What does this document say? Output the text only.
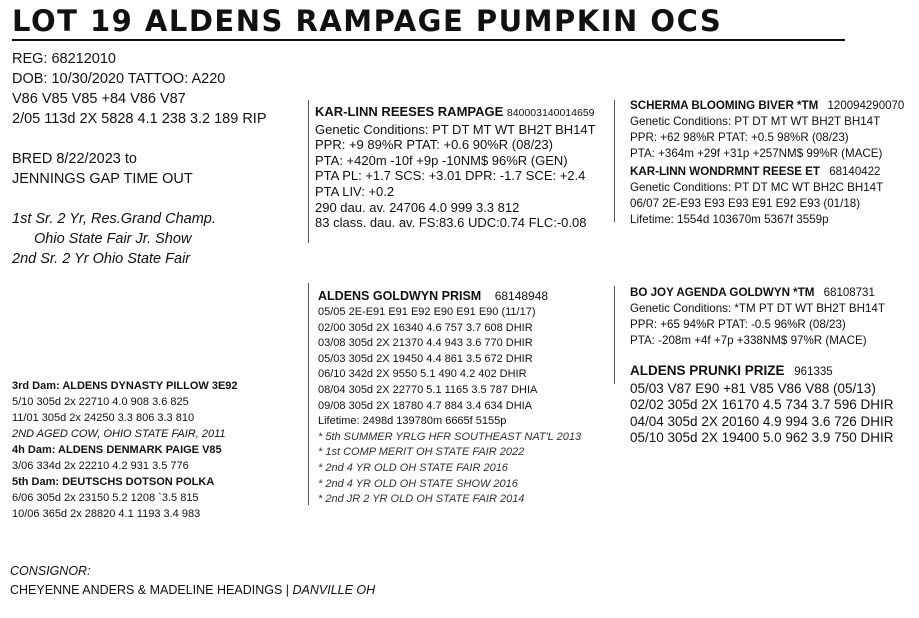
LOT 19 ALDENS RAMPAGE PUMPKIN OCS
REG: 68212010
DOB: 10/30/2020 TATTOO: A220
V86 V85 V85 +84 V86 V87
2/05 113d 2X 5828 4.1 238 3.2 189 RIP
BRED 8/22/2023 to
JENNINGS GAP TIME OUT
1st Sr. 2 Yr, Res.Grand Champ.
Ohio State Fair Jr. Show
2nd Sr. 2 Yr Ohio State Fair
KAR-LINN REESES RAMPAGE 840003140014659
Genetic Conditions: PT DT MT WT BH2T BH14T
PPR: +9 89%R PTAT: +0.6 90%R (08/23)
PTA: +420m -10f +9p -10NM$ 96%R (GEN)
PTA PL: +1.7 SCS: +3.01 DPR: -1.7 SCE: +2.4
PTA LIV: +0.2
290 dau. av. 24706 4.0 999 3.3 812
83 class. dau. av. FS:83.6 UDC:0.74 FLC:-0.08
SCHERMA BLOOMING BIVER *TM 120094290070
Genetic Conditions: PT DT MT WT BH2T BH14T
PPR: +62 98%R PTAT: +0.5 98%R (08/23)
PTA: +364m +29f +31p +257NM$ 99%R (MACE)
KAR-LINN WONDRMNT REESE ET 68140422
Genetic Conditions: PT DT MC WT BH2C BH14T
06/07 2E-E93 E93 E93 E91 E92 E93 (01/18)
Lifetime: 1554d 103670m 5367f 3559p
ALDENS GOLDWYN PRISM 68148948
05/05 2E-E91 E91 E92 E90 E91 E90 (11/17)
02/00 305d 2X 16340 4.6 757 3.7 608 DHIR
03/08 305d 2X 21370 4.4 943 3.6 770 DHIR
05/03 305d 2X 19450 4.4 861 3.5 672 DHIR
06/10 342d 2X 9550 5.1 490 4.2 402 DHIR
08/04 305d 2X 22770 5.1 1165 3.5 787 DHIA
09/08 305d 2X 18780 4.7 884 3.4 634 DHIA
Lifetime: 2498d 139780m 6665f 5155p
* 5th SUMMER YRLG HFR SOUTHEAST NAT'L 2013
* 1st COMP MERIT OH STATE FAIR 2022
* 2nd 4 YR OLD OH STATE FAIR 2016
* 2nd 4 YR OLD OH STATE SHOW 2016
* 2nd JR 2 YR OLD OH STATE FAIR 2014
BO JOY AGENDA GOLDWYN *TM 68108731
Genetic Conditions: *TM PT DT WT BH2T BH14T
PPR: +65 94%R PTAT: -0.5 96%R (08/23)
PTA: -208m +4f +7p +338NM$ 97%R (MACE)
ALDENS PRUNKI PRIZE 961335
05/03 V87 E90 +81 V85 V86 V88 (05/13)
02/02 305d 2X 16170 4.5 734 3.7 596 DHIR
04/04 305d 2X 20160 4.9 994 3.6 726 DHIR
05/10 305d 2X 19400 5.0 962 3.9 750 DHIR
3rd Dam: ALDENS DYNASTY PILLOW 3E92
5/10 305d 2x 22710 4.0 908 3.6 825
11/01 305d 2x 24250 3.3 806 3.3 810
2ND AGED COW, OHIO STATE FAIR, 2011
4h Dam: ALDENS DENMARK PAIGE V85
3/06 334d 2x 22210 4.2 931 3.5 776
5th Dam: DEUTSCHS DOTSON POLKA
6/06 305d 2x 23150 5.2 1208 `3.5 815
10/06 365d 2x 28820 4.1 1193 3.4 983
CONSIGNOR:
CHEYENNE ANDERS & MADELINE HEADINGS | DANVILLE OH
